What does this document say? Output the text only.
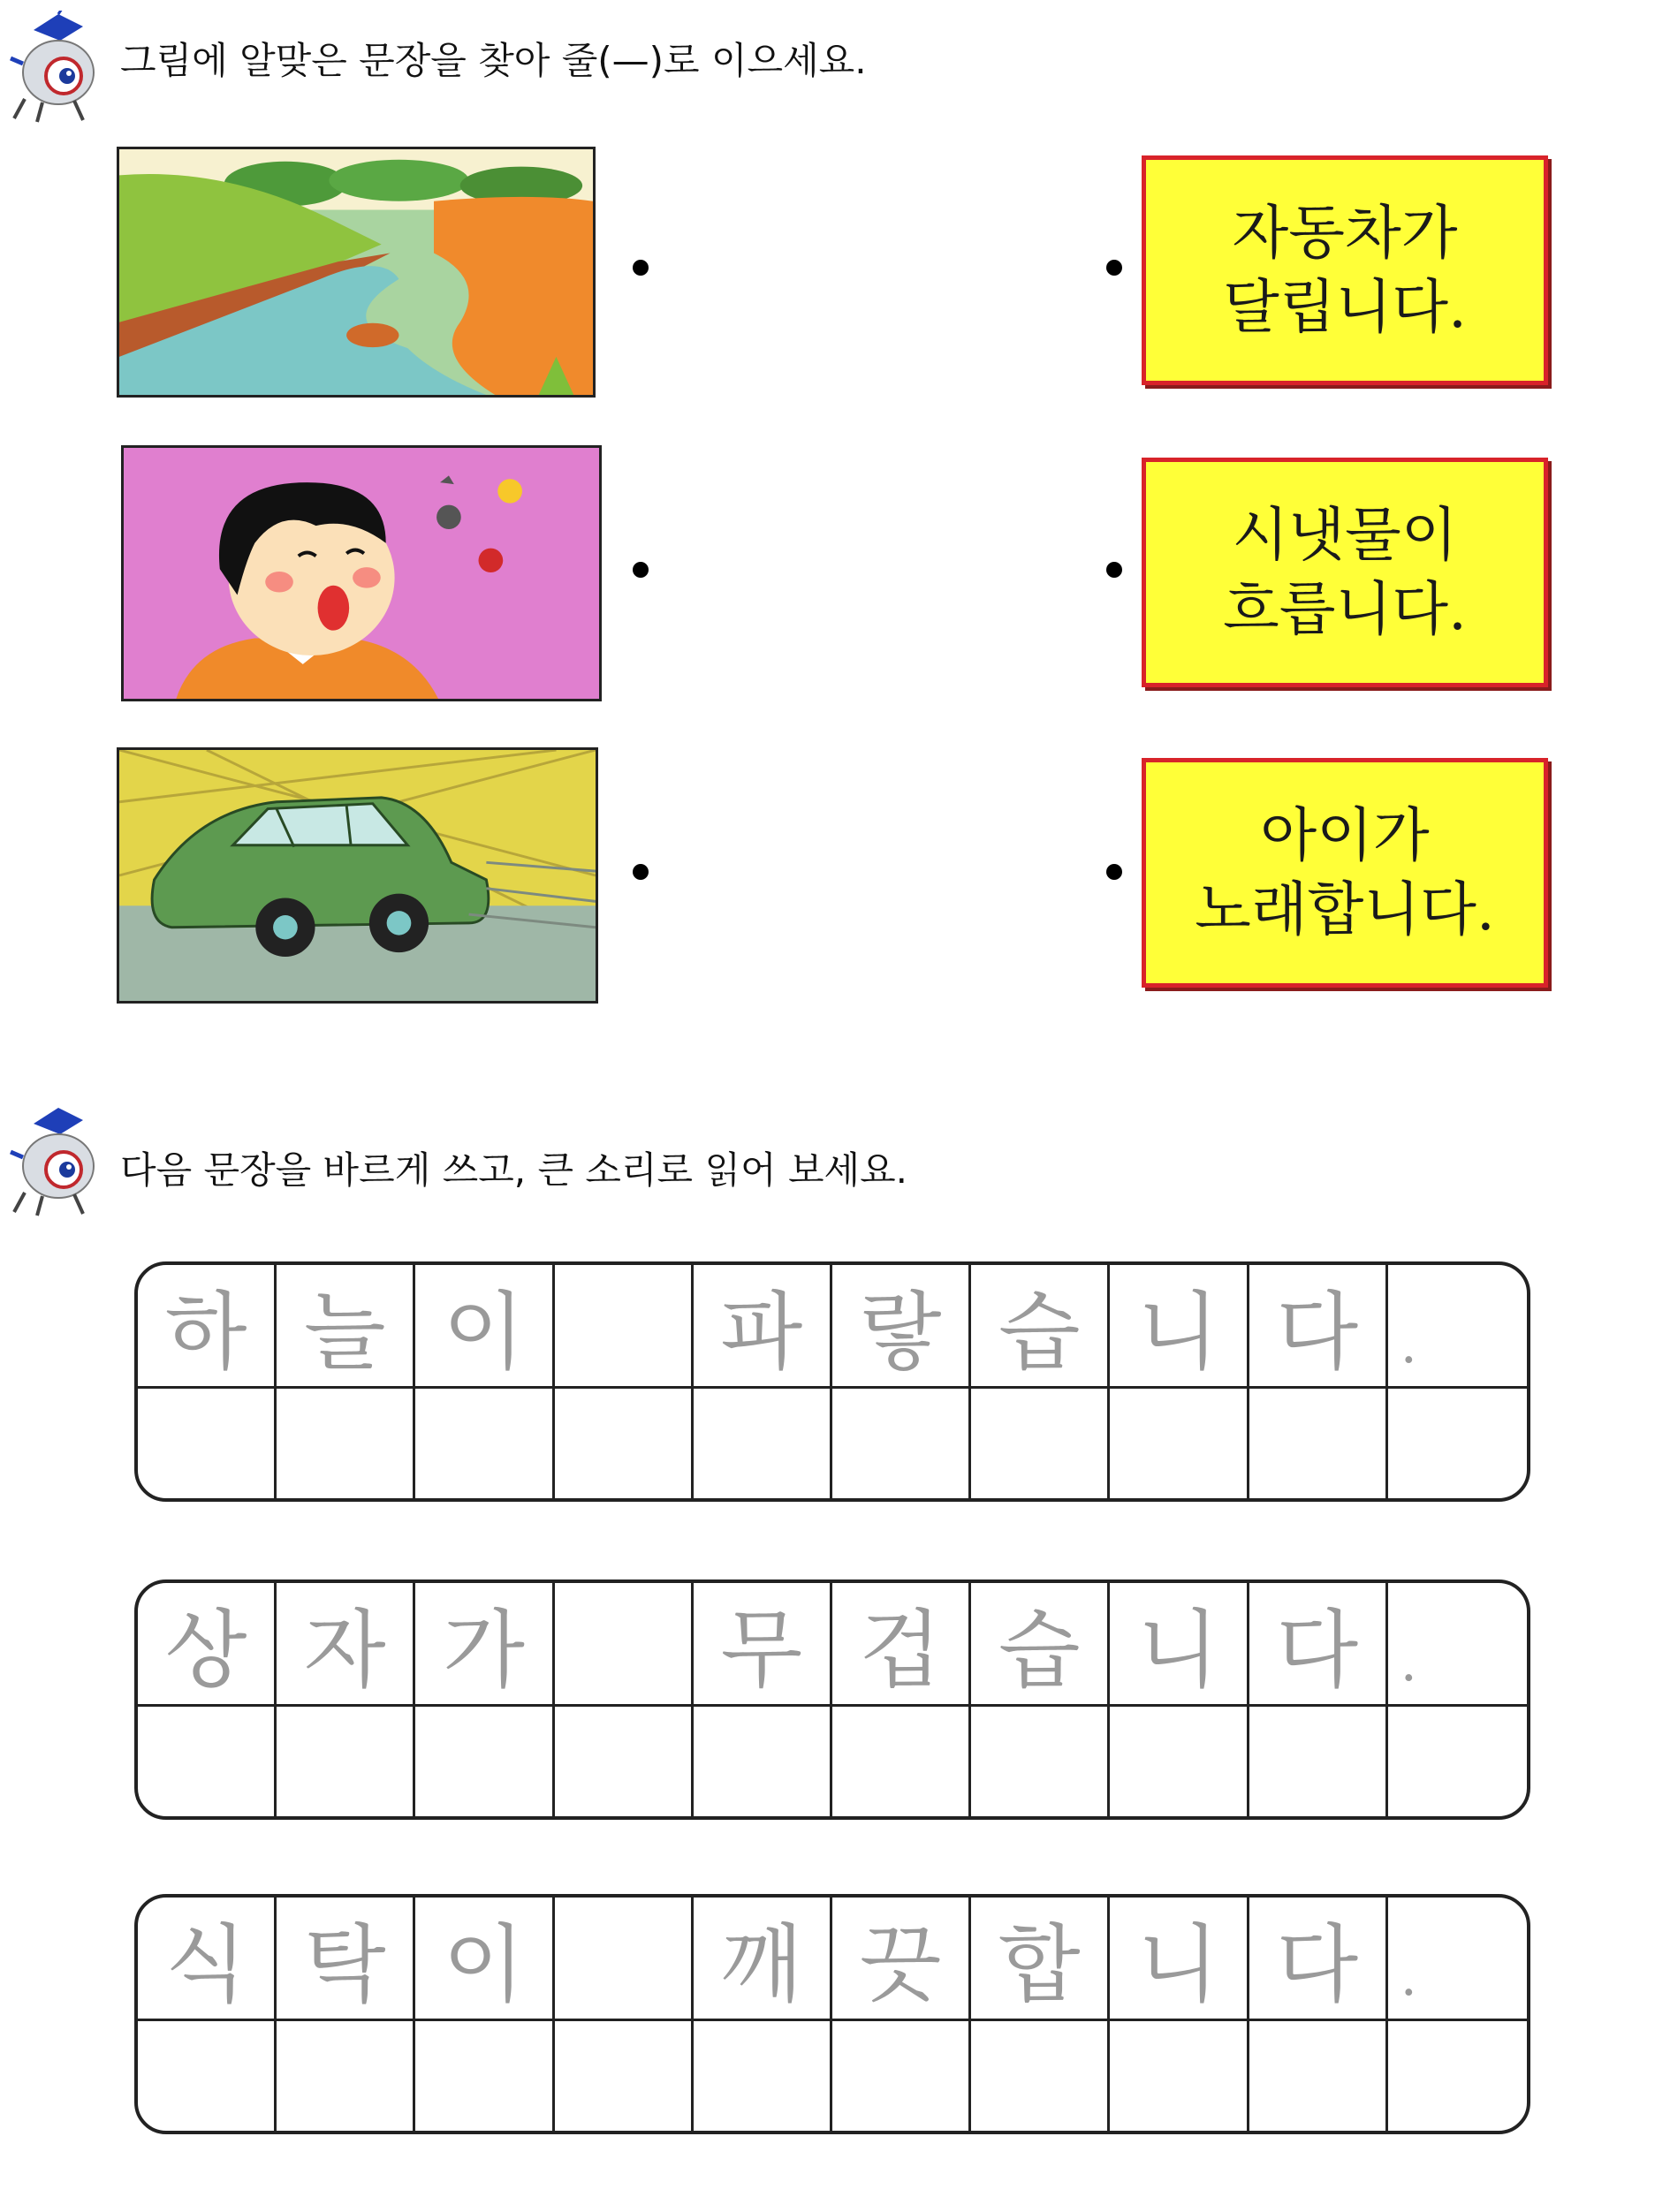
그림에 알맞은 문장을 찾아 줄(—)로 이으세요.
자동차가
달립니다.
시냇물이
흐릅니다.
아이가
노래합니다.
다음 문장을 바르게 쓰고, 큰 소리로 읽어 보세요.
하 늘 이	파 랗 습 니 다 .
상 자 가	무 겁 습 니 다 .
식 탁 이	깨 끗 합 니 다 .
